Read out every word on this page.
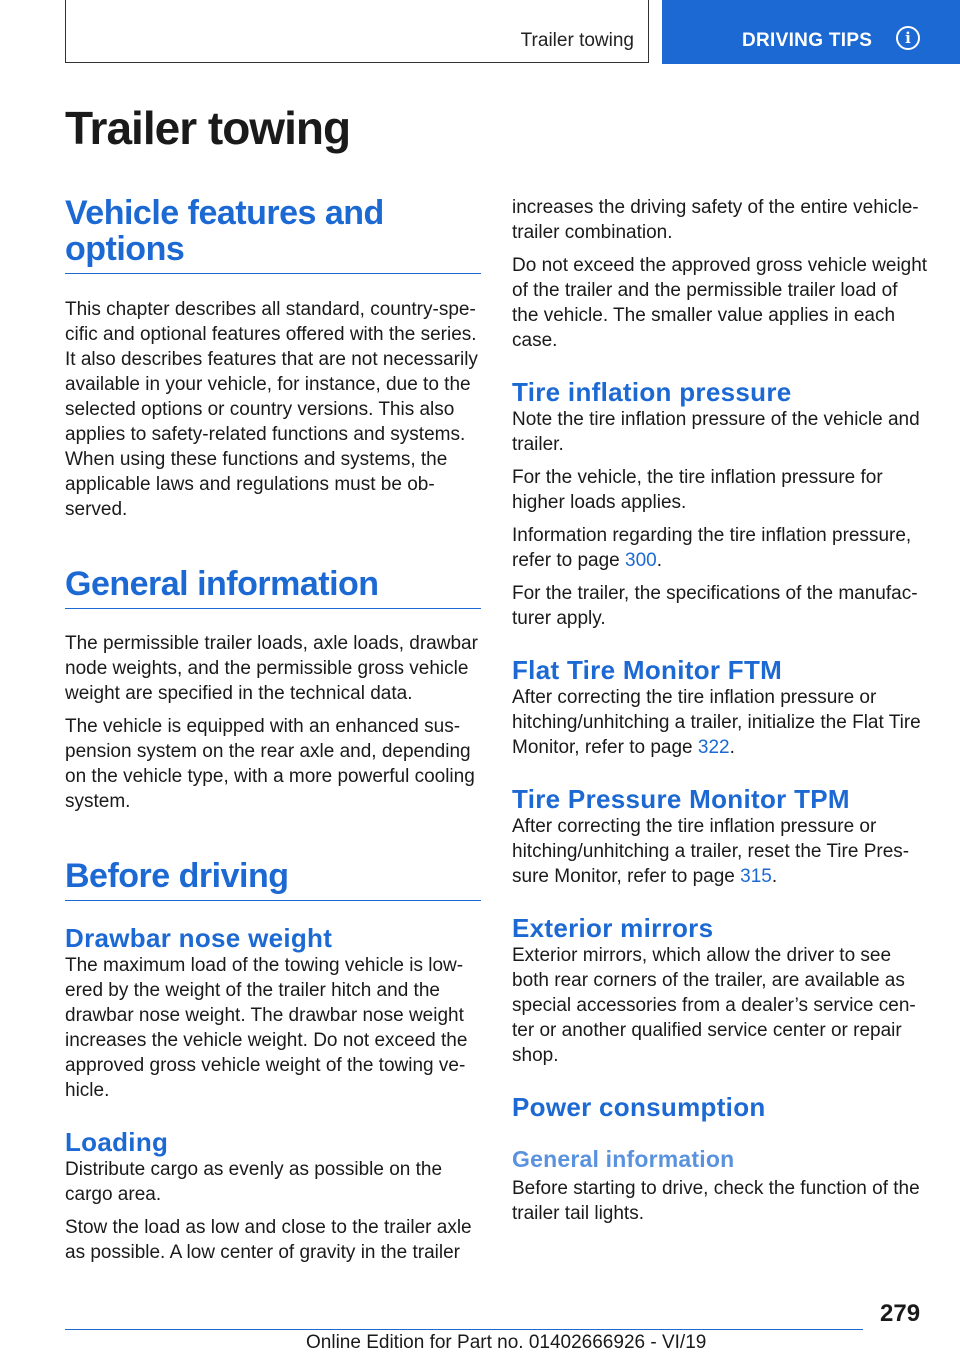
Trailer towing	DRIVING TIPS	i
Trailer towing
Vehicle features and options

This chapter describes all standard, country-spe-cific and optional features offered with the series. It also describes features that are not necessarily available in your vehicle, for instance, due to the selected options or country versions. This also applies to safety-related functions and systems. When using these functions and systems, the applicable laws and regulations must be ob-served.

General information

The permissible trailer loads, axle loads, drawbar node weights, and the permissible gross vehicle weight are specified in the technical data.

The vehicle is equipped with an enhanced sus-pension system on the rear axle and, depending on the vehicle type, with a more powerful cooling system.

Before driving
Drawbar nose weight

The maximum load of the towing vehicle is low-ered by the weight of the trailer hitch and the drawbar nose weight. The drawbar nose weight increases the vehicle weight. Do not exceed the approved gross vehicle weight of the towing ve-hicle.

Loading

Distribute cargo as evenly as possible on the cargo area.

Stow the load as low and close to the trailer axle as possible. A low center of gravity in the trailer

increases the driving safety of the entire vehicle-trailer combination.

Do not exceed the approved gross vehicle weight of the trailer and the permissible trailer load of the vehicle. The smaller value applies in each case.

Tire inflation pressure

Note the tire inflation pressure of the vehicle and trailer.

For the vehicle, the tire inflation pressure for higher loads applies.

Information regarding the tire inflation pressure, refer to page 300.

For the trailer, the specifications of the manufac-turer apply.

Flat Tire Monitor FTM

After correcting the tire inflation pressure or hitching/unhitching a trailer, initialize the Flat Tire Monitor, refer to page 322.

Tire Pressure Monitor TPM

After correcting the tire inflation pressure or hitching/unhitching a trailer, reset the Tire Pres-sure Monitor, refer to page 315.

Exterior mirrors

Exterior mirrors, which allow the driver to see both rear corners of the trailer, are available as special accessories from a dealer’s service cen-ter or another qualified service center or repair shop.

Power consumption
General information

Before starting to drive, check the function of the trailer tail lights.

279
Online Edition for Part no. 01402666926 - VI/19
